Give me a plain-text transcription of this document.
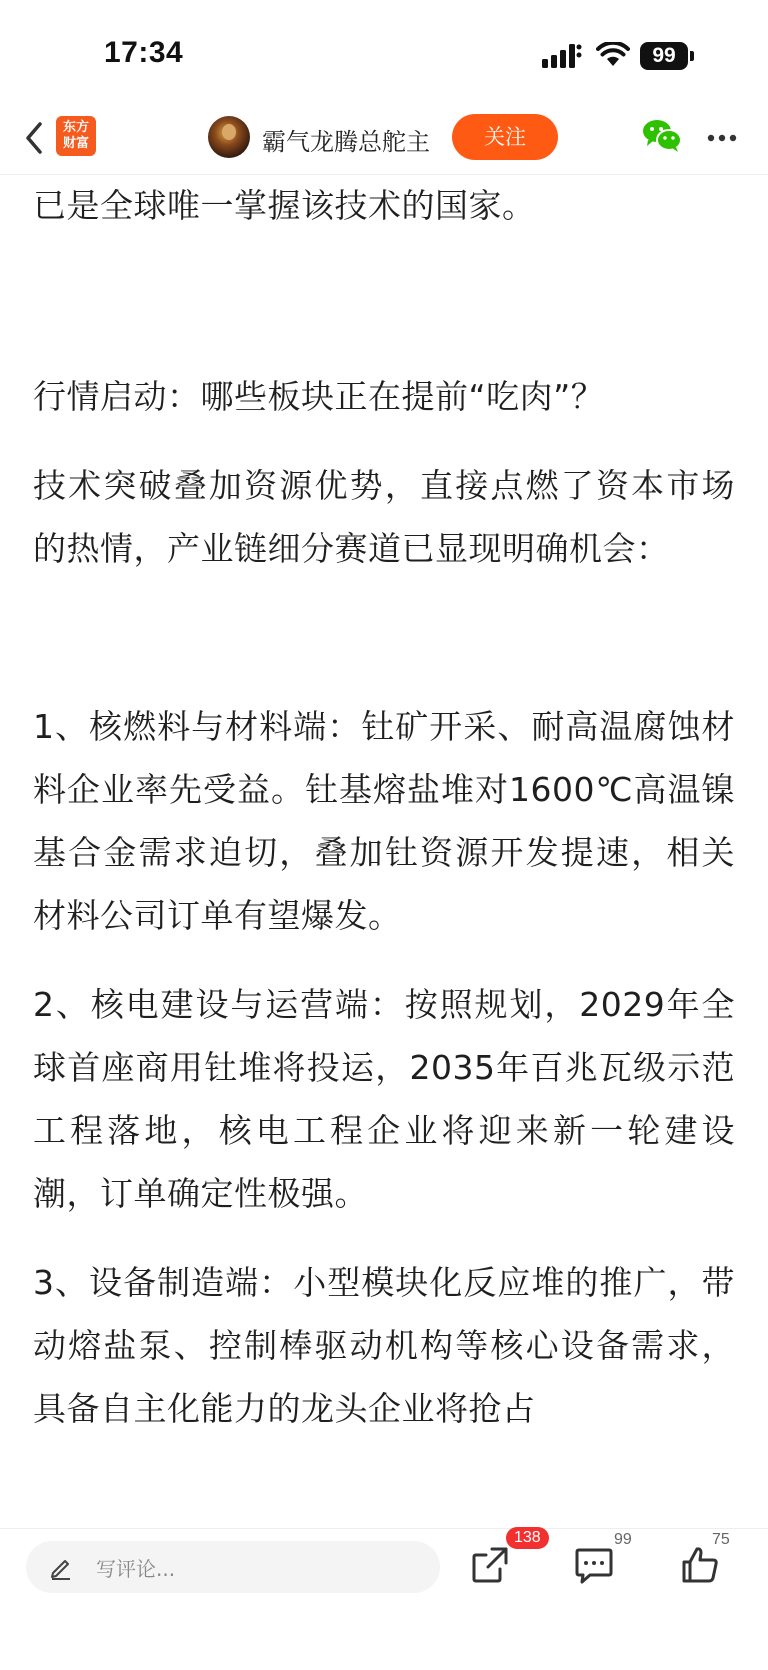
17:34	99
东方
财富	霸气龙腾总舵主	关注

已是全球唯一掌握该技术的国家。

行情启动：哪些板块正在提前“吃肉”？

技术突破叠加资源优势，直接点燃了资本市场的热情，产业链细分赛道已显现明确机会：

1、核燃料与材料端：钍矿开采、耐高温腐蚀材料企业率先受益。钍基熔盐堆对1600℃高温镍基合金需求迫切，叠加钍资源开发提速，相关材料公司订单有望爆发。

2、核电建设与运营端：按照规划，2029年全球首座商用钍堆将投运，2035年百兆瓦级示范工程落地，核电工程企业将迎来新一轮建设潮，订单确定性极强。

3、设备制造端：小型模块化反应堆的推广，带动熔盐泵、控制棒驱动机构等核心设备需求，具备自主化能力的龙头企业将抢占

写评论...
138	99	75
